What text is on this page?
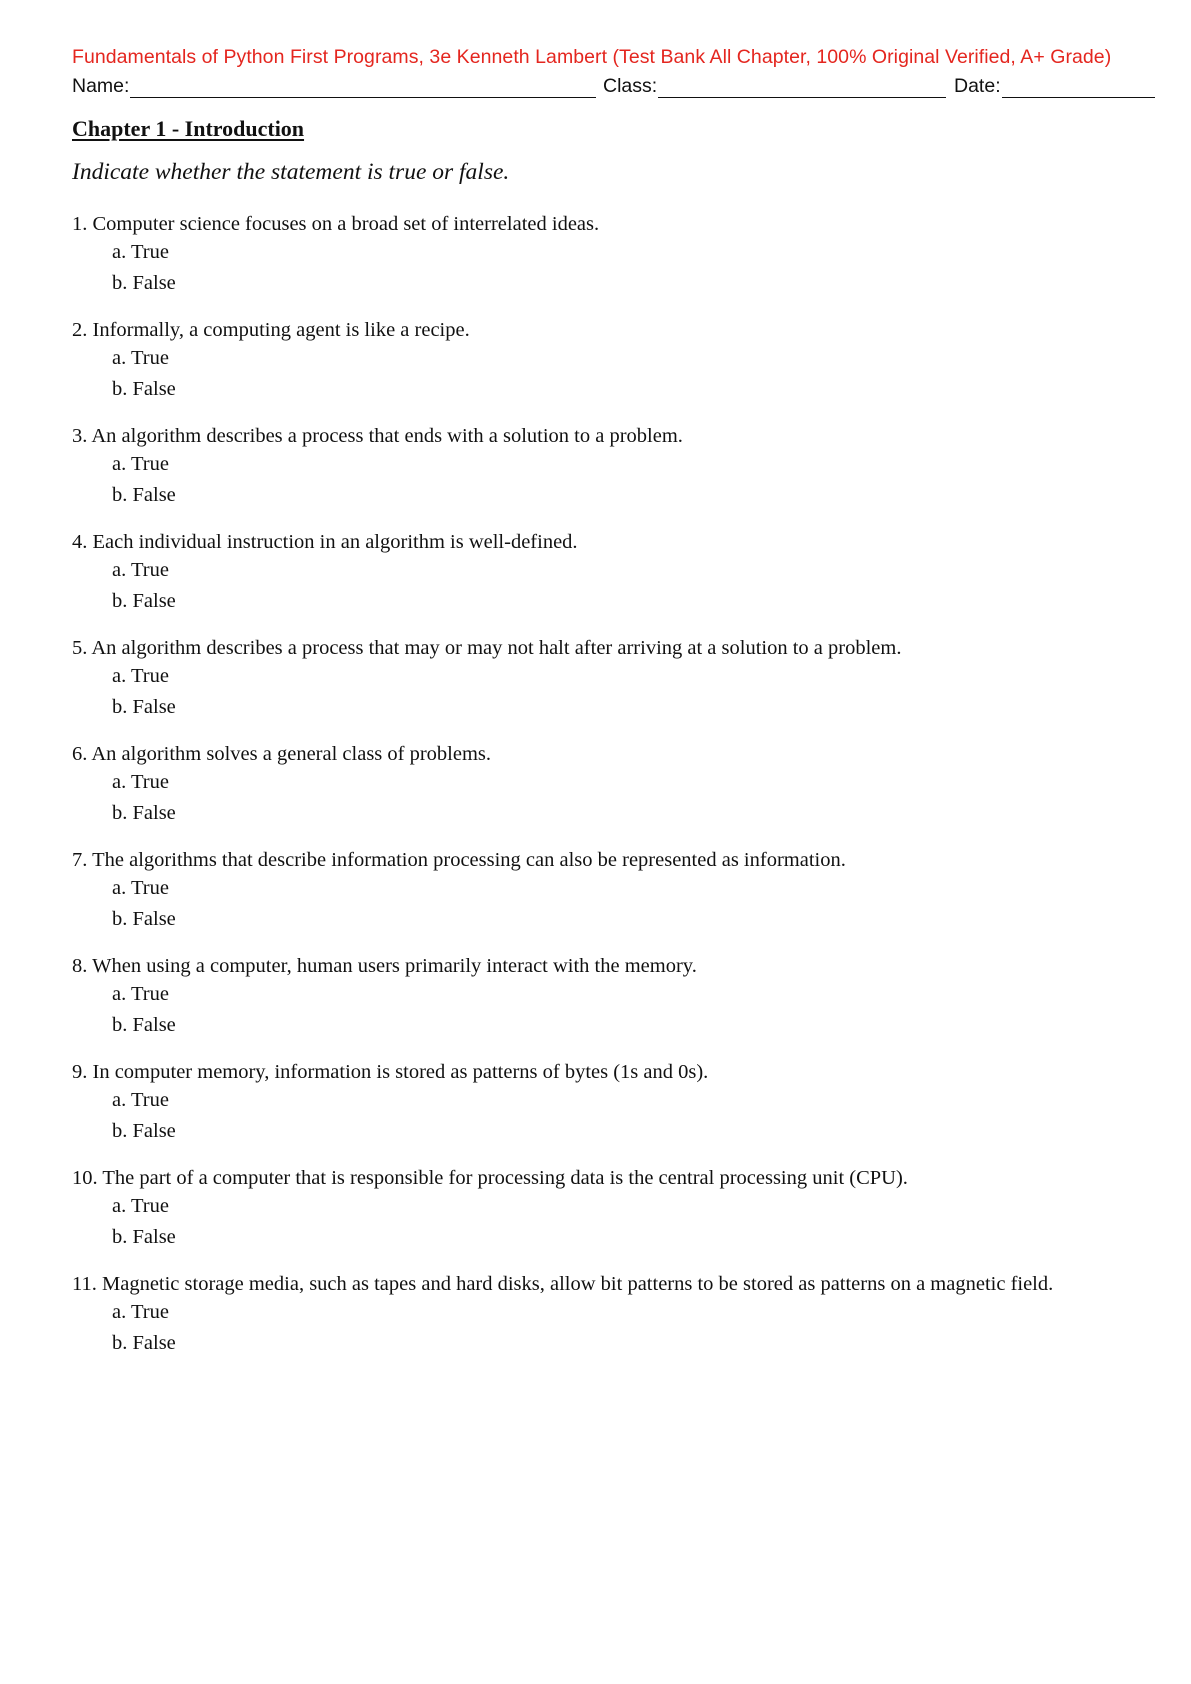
Fundamentals of Python First Programs, 3e Kenneth Lambert (Test Bank All Chapter, 100% Original Verified, A+ Grade)
Name:	Class:	Date:
Chapter 1 - Introduction
Indicate whether the statement is true or false.
1. Computer science focuses on a broad set of interrelated ideas.
a. True
b. False
2. Informally, a computing agent is like a recipe.
a. True
b. False
3. An algorithm describes a process that ends with a solution to a problem.
a. True
b. False
4. Each individual instruction in an algorithm is well-defined.
a. True
b. False
5. An algorithm describes a process that may or may not halt after arriving at a solution to a problem.
a. True
b. False
6. An algorithm solves a general class of problems.
a. True
b. False
7. The algorithms that describe information processing can also be represented as information.
a. True
b. False
8. When using a computer, human users primarily interact with the memory.
a. True
b. False
9. In computer memory, information is stored as patterns of bytes (1s and 0s).
a. True
b. False
10. The part of a computer that is responsible for processing data is the central processing unit (CPU).
a. True
b. False
11. Magnetic storage media, such as tapes and hard disks, allow bit patterns to be stored as patterns on a magnetic field.
a. True
b. False
